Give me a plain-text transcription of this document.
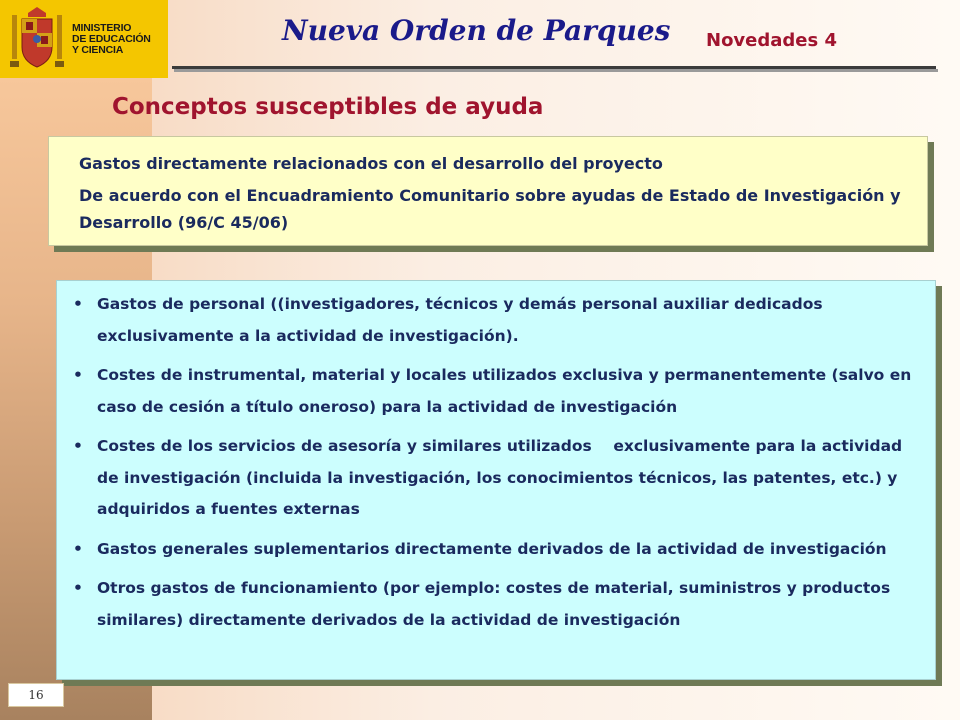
MINISTERIO
DE EDUCACIÓN
Y CIENCIA
Nueva Orden de Parques Novedades 4
Conceptos susceptibles de ayuda

Gastos directamente relacionados con el desarrollo del proyecto

De acuerdo con el Encuadramiento Comunitario sobre ayudas de Estado de Investigación y Desarrollo (96/C 45/06)

• Gastos de personal ((investigadores, técnicos y demás personal auxiliar dedicados exclusivamente a la actividad de investigación).
• Costes de instrumental, material y locales utilizados exclusiva y permanentemente (salvo en caso de cesión a título oneroso) para la actividad de investigación
• Costes de los servicios de asesoría y similares utilizados    exclusivamente para la actividad de investigación (incluida la investigación, los conocimientos técnicos, las patentes, etc.) y adquiridos a fuentes externas
• Gastos generales suplementarios directamente derivados de la actividad de investigación
• Otros gastos de funcionamiento (por ejemplo: costes de material, suministros y productos similares) directamente derivados de la actividad de investigación
16
